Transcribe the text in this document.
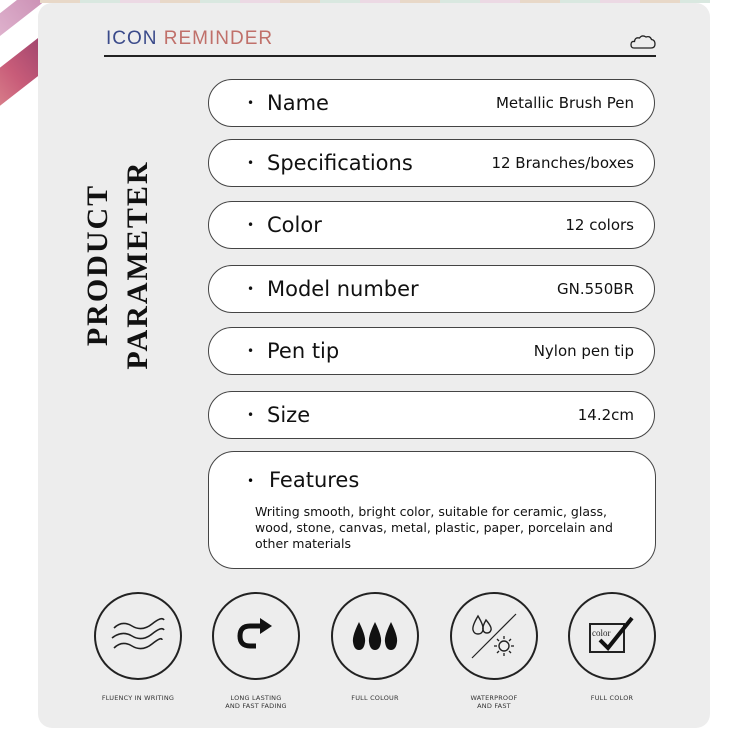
ICON REMINDER
PRODUCT PARAMETER
• Name	Metallic Brush Pen
• Specifications	12 Branches/boxes
• Color	12 colors
• Model number	GN.550BR
• Pen tip	Nylon pen tip
• Size	14.2cm
• Features
Writing smooth, bright color, suitable for ceramic, glass, wood, stone, canvas, metal, plastic, paper, porcelain and other materials
FLUENCY IN WRITING	LONG LASTING
AND FAST FADING
FULL COLOUR	WATERPROOF
AND FAST
color
FULL COLOR
